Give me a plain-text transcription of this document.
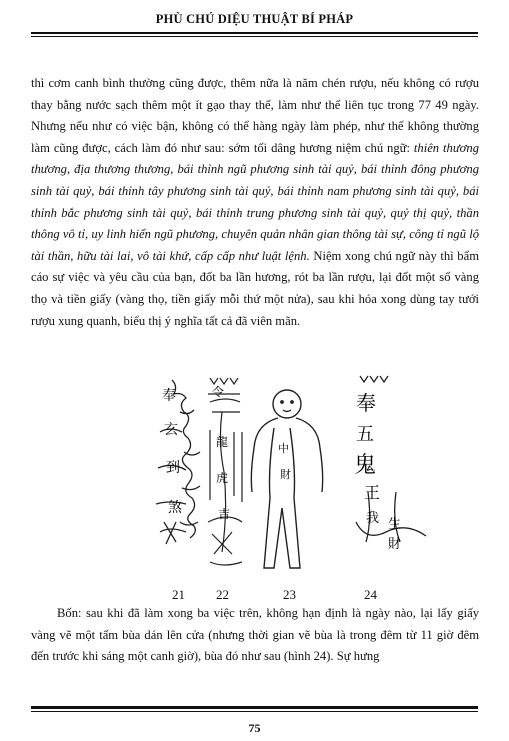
PHÙ CHÚ DIỆU THUẬT BÍ PHÁP

thì cơm canh bình thường cũng được, thêm nữa là năm chén rượu, nếu không có rượu thay bằng nước sạch thêm một ít gạo thay thế, làm như thế liên tục trong 77 49 ngày. Nhưng nếu như có việc bận, không có thể hàng ngày làm phép, như thế không thường làm cũng được, cách làm đó như sau: sớm tối dâng hương niệm chú ngữ: thiên thương thương, địa thương thương, bái thỉnh ngũ phương sinh tài quỷ, bái thỉnh đông phương sinh tài quỷ, bái thỉnh tây phương sinh tài quỷ, bái thỉnh nam phương sinh tài quỷ, bái thỉnh bắc phương sinh tài quỷ, bái thỉnh trung phương sinh tài quỷ, quỷ thị quỷ, thần thông vô tỉ, uy linh hiển ngũ phương, chuyên quản nhân gian thông tài sự, công tỉ ngũ lộ tài thần, hữu tài lai, vô tài khứ, cấp cấp như luật lệnh. Niệm xong chú ngữ này thì bẩm cáo sự việc và yêu cầu của bạn, đốt ba lần hương, rót ba lần rượu, lại đốt một số vàng thọ và tiền giấy (vàng thọ, tiền giấy mỗi thứ một nửa), sau khi hóa xong dùng tay tưới rượu xung quanh, biểu thị ý nghĩa tất cả đã viên mãn.

奉
玄
到
煞
令
龍
虎
吉
中
財
奉
五
鬼
王
我 生
財
21 22	23	24

Bốn: sau khi đã làm xong ba việc trên, không hạn định là ngày nào, lại lấy giấy vàng vẽ một tấm bùa dán lên cửa (nhưng thời gian vẽ bùa là trong đêm từ 11 giờ đêm đến trước khi sáng một canh giờ), bùa đó như sau (hình 24). Sự hưng

75
